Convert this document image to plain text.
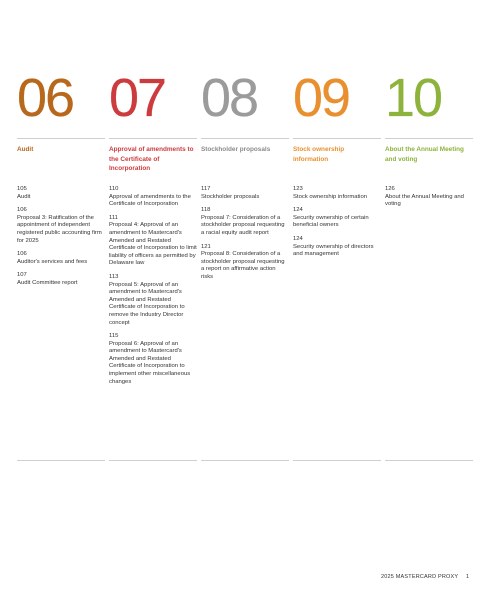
06
Audit
105
Audit
106
Proposal 3: Ratification of the appointment of independent registered public accounting firm for 2025
106
Auditor's services and fees
107
Audit Committee report
07
Approval of amendments to the Certificate of Incorporation
110
Approval of amendments to the Certificate of Incorporation
111
Proposal 4: Approval of an amendment to Mastercard's Amended and Restated Certificate of Incorporation to limit liability of officers as permitted by Delaware law
113
Proposal 5: Approval of an amendment to Mastercard's Amended and Restated Certificate of Incorporation to remove the Industry Director concept
115
Proposal 6: Approval of an amendment to Mastercard's Amended and Restated Certificate of Incorporation to implement other miscellaneous changes
08
Stockholder proposals
117
Stockholder proposals
118
Proposal 7: Consideration of a stockholder proposal requesting a racial equity audit report
121
Proposal 8: Consideration of a stockholder proposal requesting a report on affirmative action risks
09
Stock ownership information
123
Stock ownership information
124
Security ownership of certain beneficial owners
124
Security ownership of directors and management
10
About the Annual Meeting and voting
126
About the Annual Meeting and voting
2025 MASTERCARD PROXY 1
